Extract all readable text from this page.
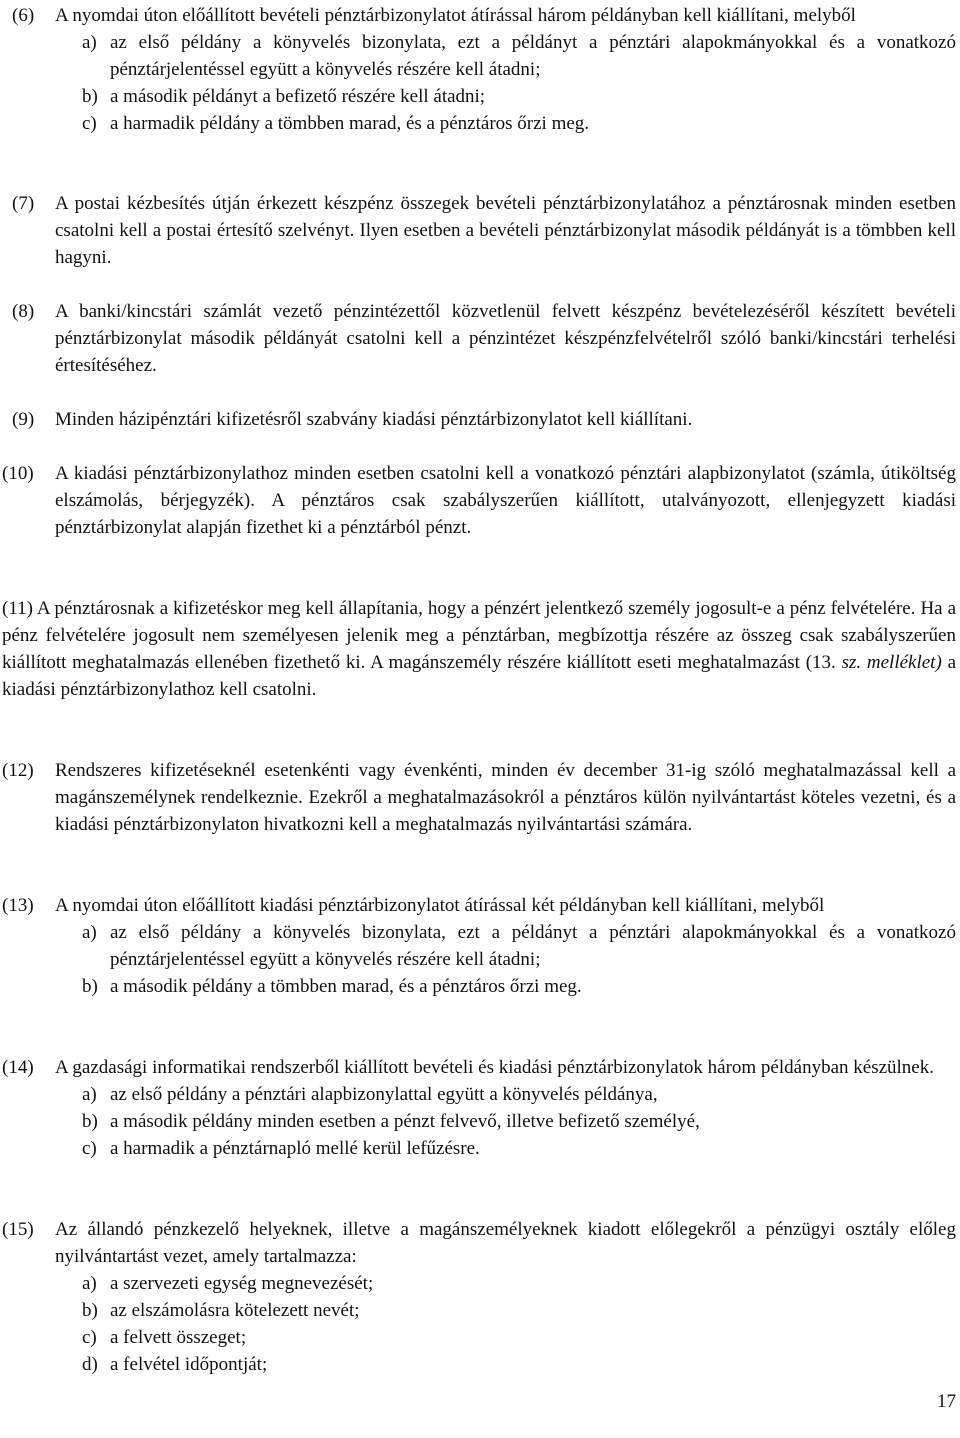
(6) A nyomdai úton előállított bevételi pénztárbizonylatot átírással három példányban kell kiállítani, melyből
a) az első példány a könyvelés bizonylata, ezt a példányt a pénztári alapokmányokkal és a vonatkozó pénztárjelentéssel együtt a könyvelés részére kell átadni;
b) a második példányt a befizető részére kell átadni;
c) a harmadik példány a tömbben marad, és a pénztáros őrzi meg.
(7)	A postai kézbesítés útján érkezett készpénz összegek bevételi pénztárbizonylatához a pénztárosnak minden esetben csatolni kell a postai értesítő szelvényt. Ilyen esetben a bevételi pénztárbizonylat második példányát is a tömbben kell hagyni.
(8)	A banki/kincstári számlát vezető pénzintézettől közvetlenül felvett készpénz bevételezéséről készített bevételi pénztárbizonylat második példányát csatolni kell a pénzintézet készpénzfelvételről szóló banki/kincstári terhelési értesítéséhez.
(9)	Minden házipénztári kifizetésről szabvány kiadási pénztárbizonylatot kell kiállítani.
(10)	A kiadási pénztárbizonylathoz minden esetben csatolni kell a vonatkozó pénztári alapbizonylatot (számla, útiköltség elszámolás, bérjegyzék). A pénztáros csak szabályszerűen kiállított, utalványozott, ellenjegyzett kiadási pénztárbizonylat alapján fizethet ki a pénztárból pénzt.
(11) A pénztárosnak a kifizetéskor meg kell állapítania, hogy a pénzért jelentkező személy jogosult-e a pénz felvételére. Ha a pénz felvételére jogosult nem személyesen jelenik meg a pénztárban, megbízottja részére az összeg csak szabályszerűen kiállított meghatalmazás ellenében fizethető ki. A magánszemély részére kiállított eseti meghatalmazást (13. sz. melléklet) a kiadási pénztárbizonylathoz kell csatolni.
(12)	Rendszeres kifizetéseknél esetenkénti vagy évenkénti, minden év december 31-ig szóló meghatalmazással kell a magánszemélynek rendelkeznie. Ezekről a meghatalmazásokról a pénztáros külön nyilvántartást köteles vezetni, és a kiadási pénztárbizonylaton hivatkozni kell a meghatalmazás nyilvántartási számára.
(13)	A nyomdai úton előállított kiadási pénztárbizonylatot átírással két példányban kell kiállítani, melyből
a) az első példány a könyvelés bizonylata, ezt a példányt a pénztári alapokmányokkal és a vonatkozó pénztárjelentéssel együtt a könyvelés részére kell átadni;
b) a második példány a tömbben marad, és a pénztáros őrzi meg.
(14)	A gazdasági informatikai rendszerből kiállított bevételi és kiadási pénztárbizonylatok három példányban készülnek.
a) az első példány a pénztári alapbizonylattal együtt a könyvelés példánya,
b) a második példány minden esetben a pénzt felvevő, illetve befizető személyé,
c) a harmadik a pénztárnapló mellé kerül lefűzésre.
(15)	Az állandó pénzkezelő helyeknek, illetve a magánszemélyeknek kiadott előlegekről a pénzügyi osztály előleg nyilvántartást vezet, amely tartalmazza:
a) a szervezeti egység megnevezését;
b) az elszámolásra kötelezett nevét;
c) a felvett összeget;
d) a felvétel időpontját;
17
